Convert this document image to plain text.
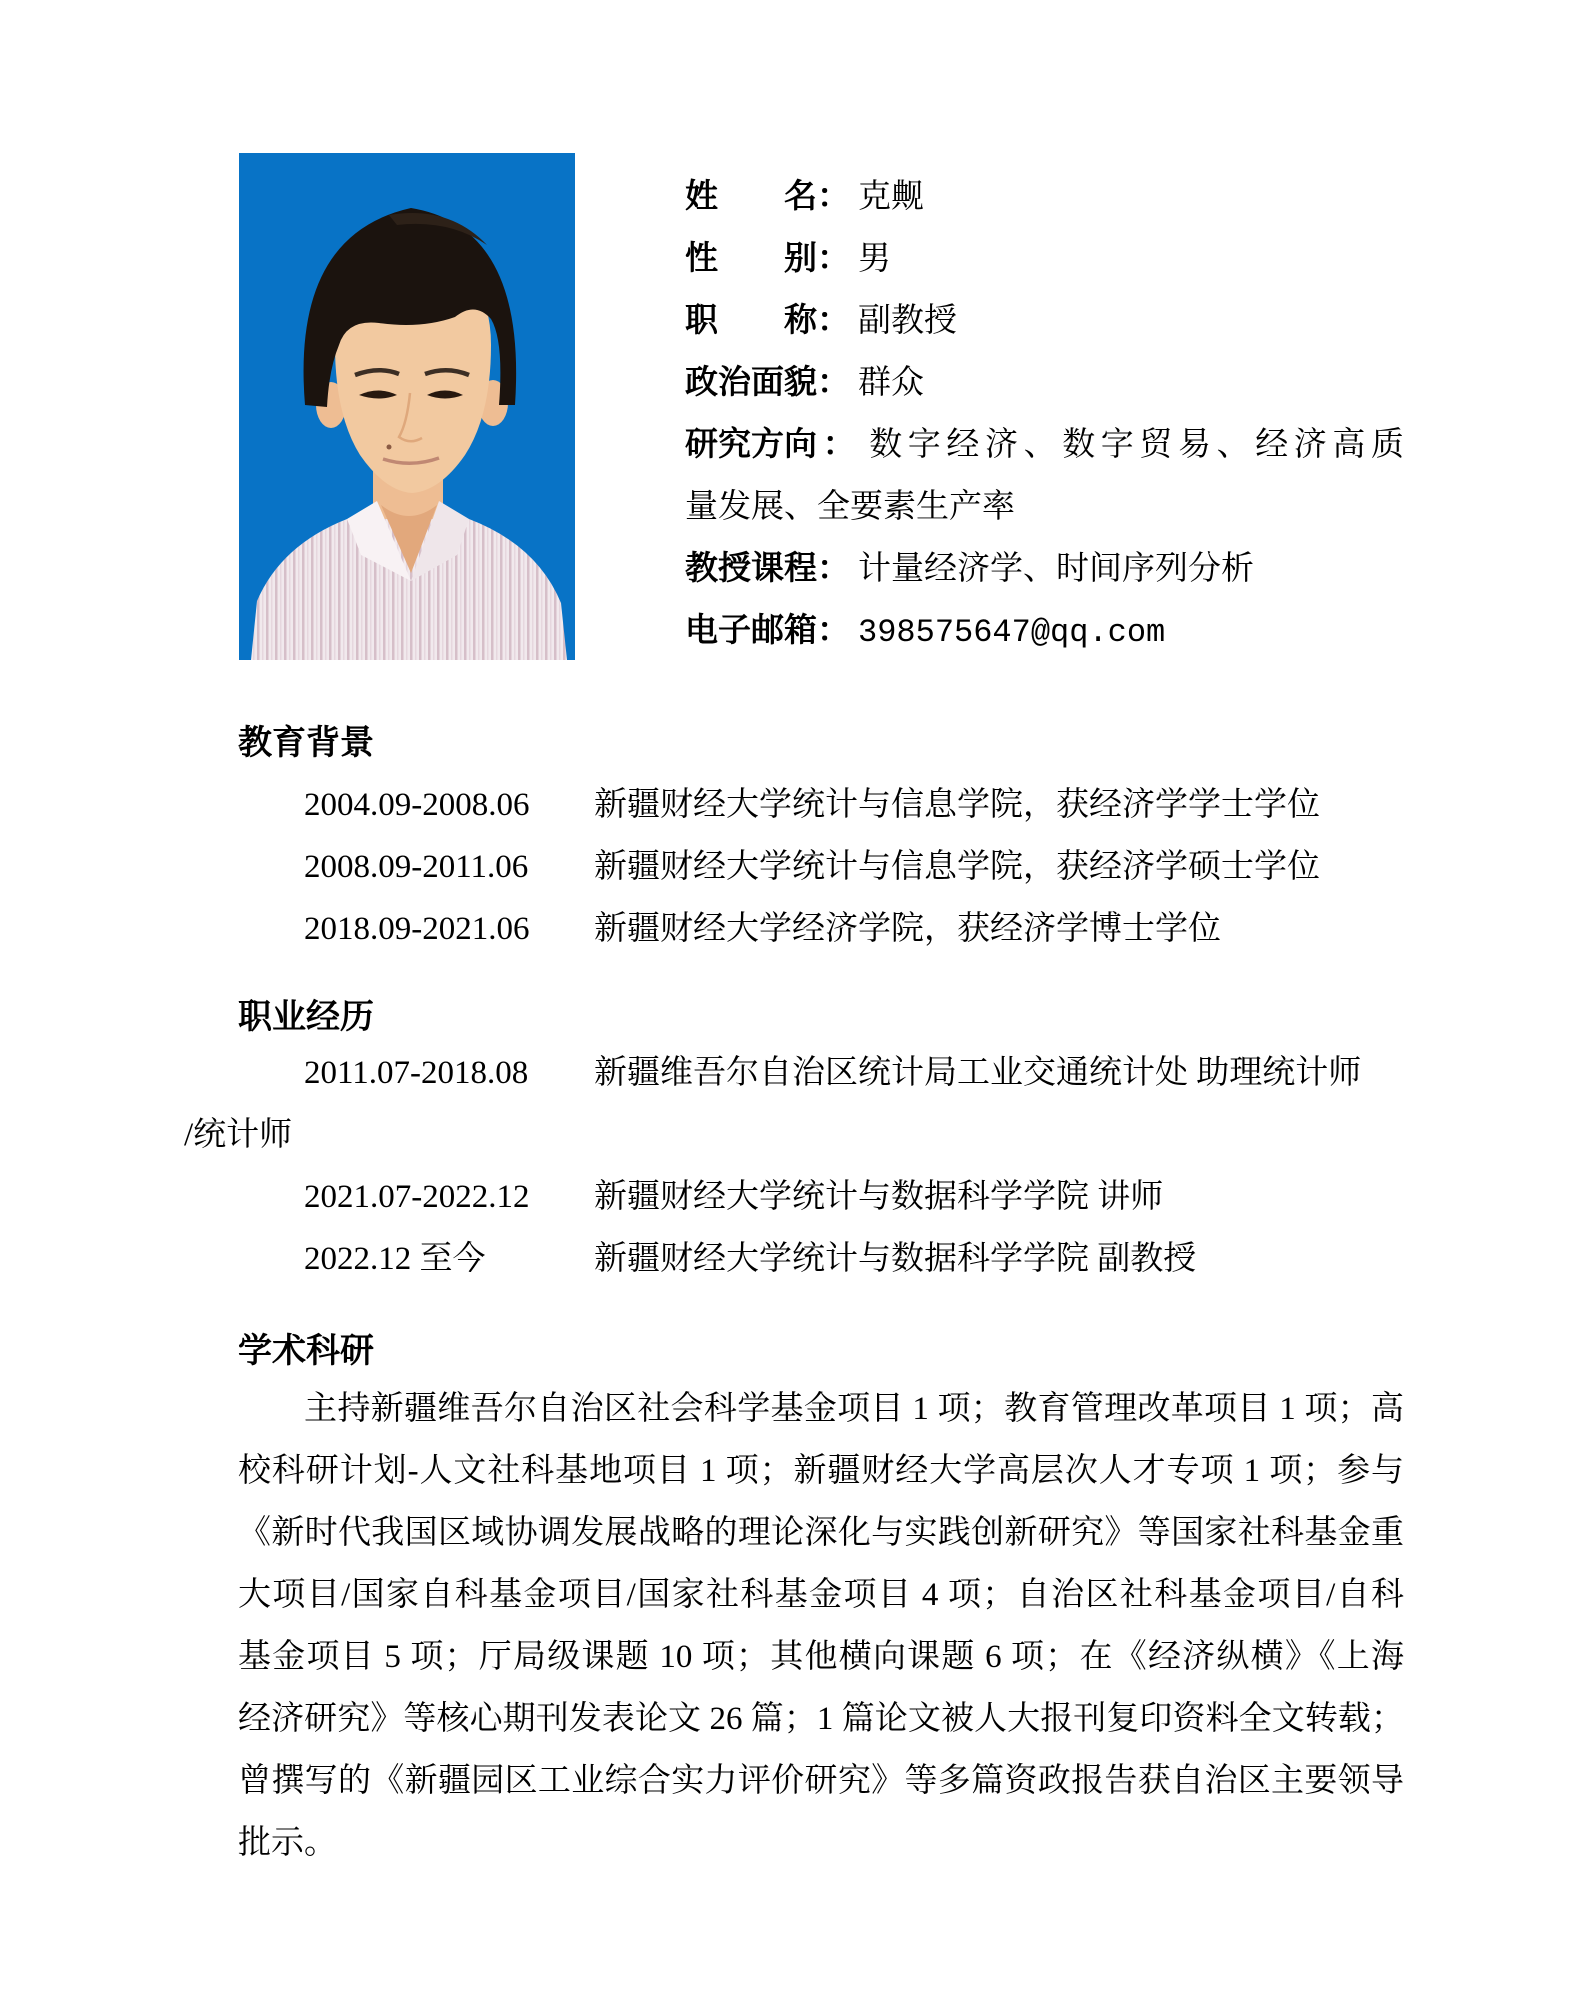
姓名： 克觍
性别： 男
职称： 副教授
政治面貌： 群众
研究方向： 数字经济、数字贸易、经济高质
量发展、全要素生产率
教授课程： 计量经济学、时间序列分析
电子邮箱： 398575647@qq.com
教育背景
2004.09-2008.06 新疆财经大学统计与信息学院，获经济学学士学位
2008.09-2011.06 新疆财经大学统计与信息学院，获经济学硕士学位
2018.09-2021.06 新疆财经大学经济学院，获经济学博士学位
职业经历
2011.07-2018.08 新疆维吾尔自治区统计局工业交通统计处 助理统计师
/统计师
2021.07-2022.12 新疆财经大学统计与数据科学学院 讲师
2022.12 至今	新疆财经大学统计与数据科学学院 副教授
学术科研
主持新疆维吾尔自治区社会科学基金项目 1 项；教育管理改革项目 1 项；高
校科研计划-人文社科基地项目 1 项；新疆财经大学高层次人才专项 1 项；参与
《新时代我国区域协调发展战略的理论深化与实践创新研究》等国家社科基金重
大项目/国家自科基金项目/国家社科基金项目 4 项；自治区社科基金项目/自科
基金项目 5 项；厅局级课题 10 项；其他横向课题 6 项；在《经济纵横》《上海
经济研究》等核心期刊发表论文 26 篇；1 篇论文被人大报刊复印资料全文转载；
曾撰写的《新疆园区工业综合实力评价研究》等多篇资政报告获自治区主要领导
批示。
